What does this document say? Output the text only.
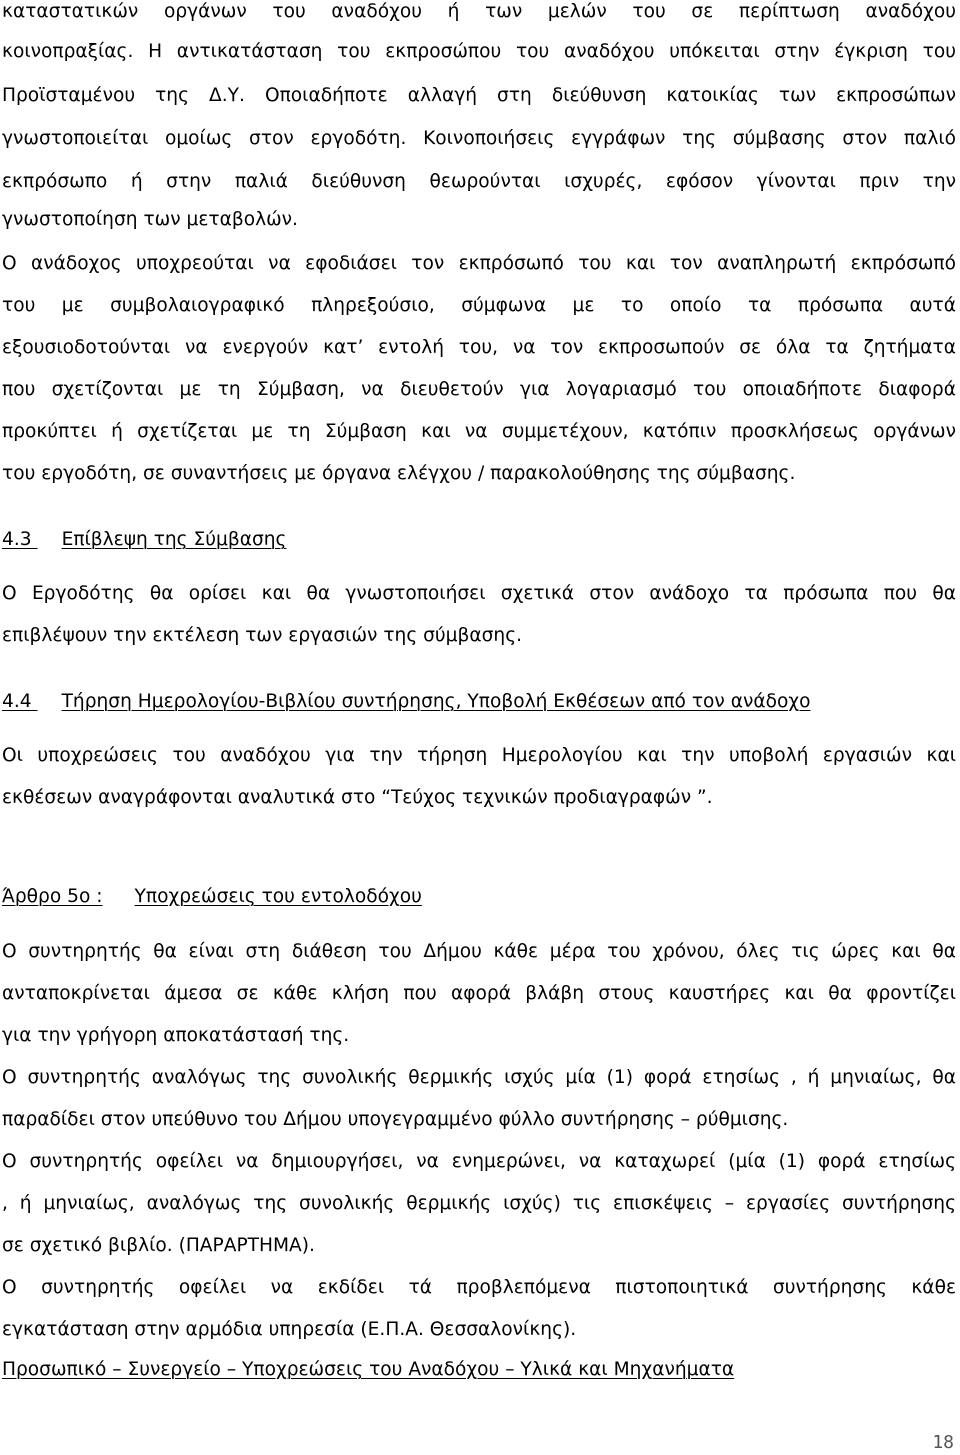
καταστατικών οργάνων του αναδόχου ή των μελών του σε περίπτωση αναδόχου
κοινοπραξίας. Η αντικατάσταση του εκπροσώπου του αναδόχου υπόκειται στην έγκριση του
Προϊσταμένου της Δ.Υ. Οποιαδήποτε αλλαγή στη διεύθυνση κατοικίας των εκπροσώπων
γνωστοποιείται ομοίως στον εργοδότη. Κοινοποιήσεις εγγράφων της σύμβασης στον παλιό
εκπρόσωπο ή στην παλιά διεύθυνση θεωρούνται ισχυρές, εφόσον γίνονται πριν την
γνωστοποίηση των μεταβολών.
Ο ανάδοχος υποχρεούται να εφοδιάσει τον εκπρόσωπό του και τον αναπληρωτή εκπρόσωπό
του με συμβολαιογραφικό πληρεξούσιο, σύμφωνα με το οποίο τα πρόσωπα αυτά
εξουσιοδοτούνται να ενεργούν κατ’ εντολή του, να τον εκπροσωπούν σε όλα τα ζητήματα
που σχετίζονται με τη Σύμβαση, να διευθετούν για λογαριασμό του οποιαδήποτε διαφορά
προκύπτει ή σχετίζεται με τη Σύμβαση και να συμμετέχουν, κατόπιν προσκλήσεως οργάνων
του εργοδότη, σε συναντήσεις με όργανα ελέγχου / παρακολούθησης της σύμβασης.
4.3 Επίβλεψη της Σύμβασης
Ο Εργοδότης θα ορίσει και θα γνωστοποιήσει σχετικά στον ανάδοχο τα πρόσωπα που θα
επιβλέψουν την εκτέλεση των εργασιών της σύμβασης.
4.4 Τήρηση Ημερολογίου-Βιβλίου συντήρησης, Υποβολή Εκθέσεων από τον ανάδοχο
Οι υποχρεώσεις του αναδόχου για την τήρηση Ημερολογίου και την υποβολή εργασιών και
εκθέσεων αναγράφονται αναλυτικά στο “Τεύχος τεχνικών προδιαγραφών ”.
Άρθρο 5ο : Υποχρεώσεις του εντολοδόχου
Ο συντηρητής θα είναι στη διάθεση του Δήμου κάθε μέρα του χρόνου, όλες τις ώρες και θα
ανταποκρίνεται άμεσα σε κάθε κλήση που αφορά βλάβη στους καυστήρες και θα φροντίζει
για την γρήγορη αποκατάστασή της.
Ο συντηρητής αναλόγως της συνολικής θερμικής ισχύς μία (1) φορά ετησίως , ή μηνιαίως, θα
παραδίδει στον υπεύθυνο του Δήμου υπογεγραμμένο φύλλο συντήρησης – ρύθμισης.
Ο συντηρητής οφείλει να δημιουργήσει, να ενημερώνει, να καταχωρεί (μία (1) φορά ετησίως
, ή μηνιαίως, αναλόγως της συνολικής θερμικής ισχύς) τις επισκέψεις – εργασίες συντήρησης
σε σχετικό βιβλίο. (ΠΑΡΑΡΤΗΜΑ).
Ο συντηρητής οφείλει να εκδίδει τά προβλεπόμενα πιστοποιητικά συντήρησης κάθε
εγκατάσταση στην αρμόδια υπηρεσία (Ε.Π.Α. Θεσσαλονίκης).
Προσωπικό – Συνεργείο – Υποχρεώσεις του Αναδόχου – Υλικά και Μηχανήματα
18
